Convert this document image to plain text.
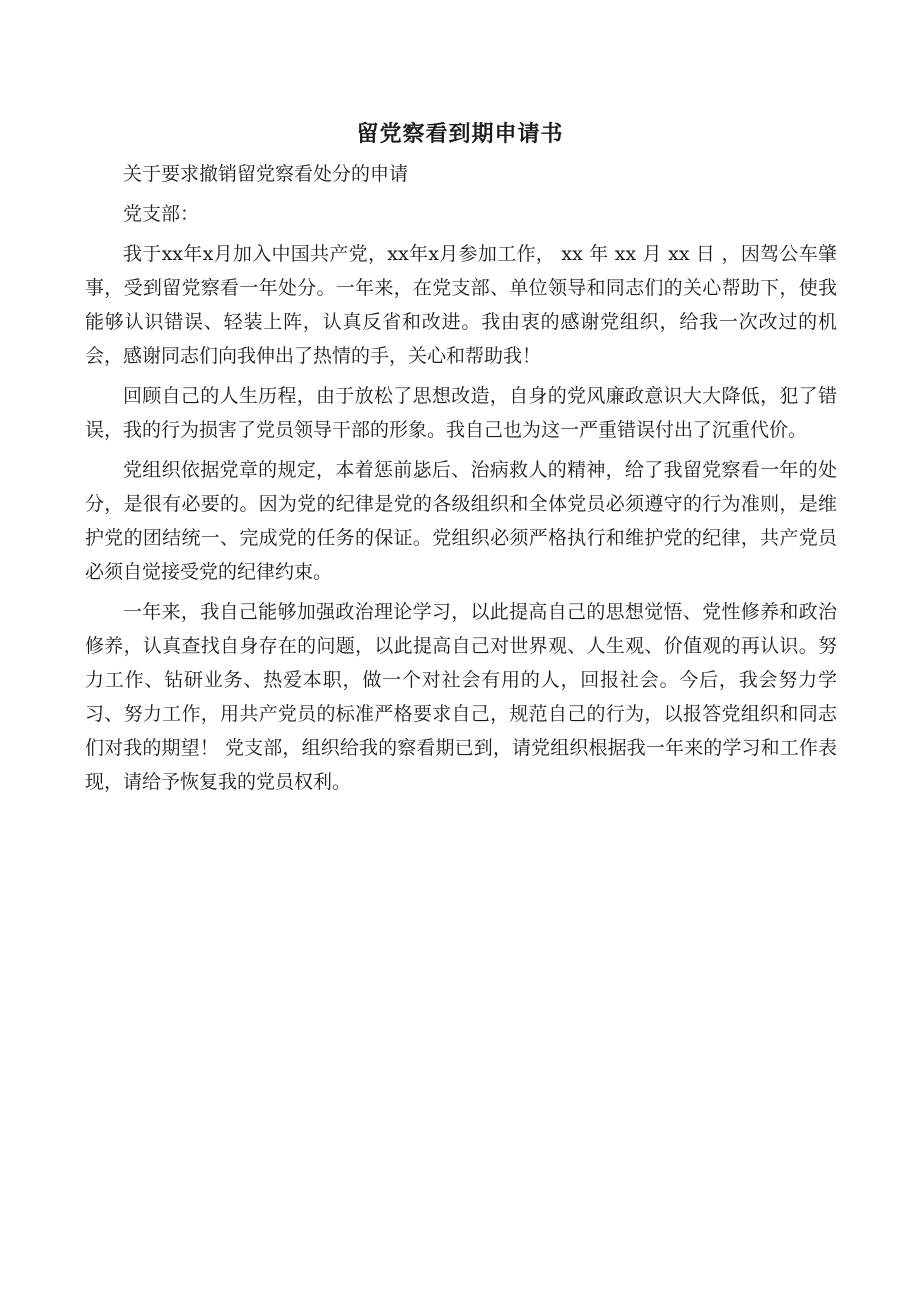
留党察看到期申请书

关于要求撤销留党察看处分的申请

党支部：

我于xx年x月加入中国共产党，xx年x月参加工作， xx 年 xx 月 xx 日 ，因驾公车肇事，受到留党察看一年处分。一年来，在党支部、单位领导和同志们的关心帮助下，使我能够认识错误、轻装上阵，认真反省和改进。我由衷的感谢党组织，给我一次改过的机会，感谢同志们向我伸出了热情的手，关心和帮助我！

回顾自己的人生历程，由于放松了思想改造，自身的党风廉政意识大大降低，犯了错误，我的行为损害了党员领导干部的形象。我自己也为这一严重错误付出了沉重代价。

党组织依据党章的规定，本着惩前毖后、治病救人的精神，给了我留党察看一年的处分，是很有必要的。因为党的纪律是党的各级组织和全体党员必须遵守的行为准则，是维护党的团结统一、完成党的任务的保证。党组织必须严格执行和维护党的纪律，共产党员必须自觉接受党的纪律约束。

一年来，我自己能够加强政治理论学习，以此提高自己的思想觉悟、党性修养和政治修养，认真查找自身存在的问题，以此提高自己对世界观、人生观、价值观的再认识。努力工作、钻研业务、热爱本职，做一个对社会有用的人，回报社会。今后，我会努力学习、努力工作，用共产党员的标准严格要求自己，规范自己的行为，以报答党组织和同志们对我的期望！ 党支部，组织给我的察看期已到，请党组织根据我一年来的学习和工作表现，请给予恢复我的党员权利。
